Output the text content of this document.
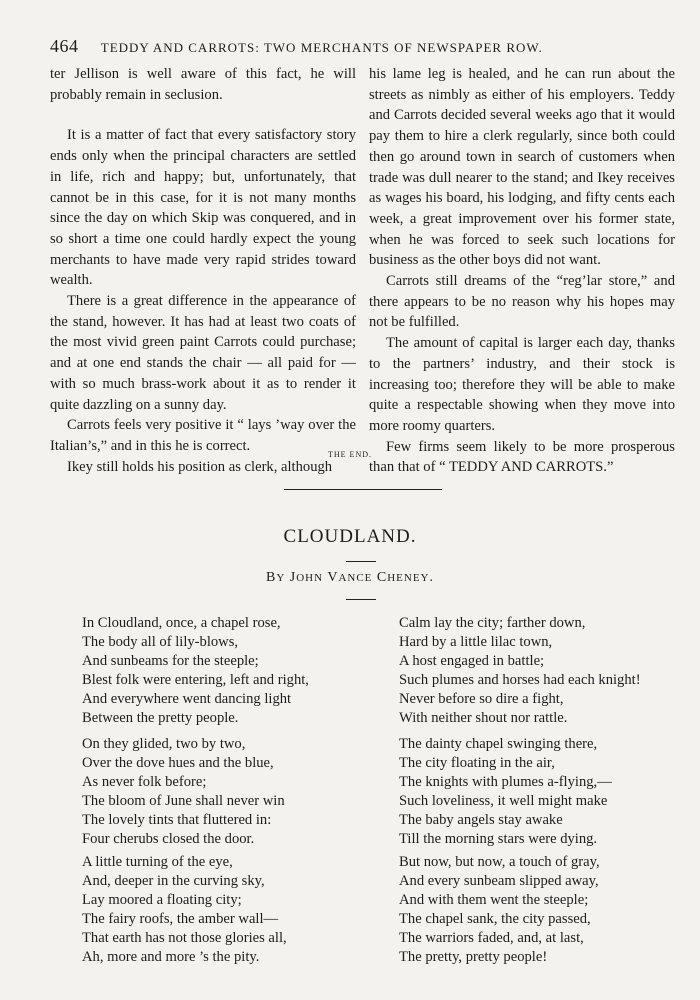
464 TEDDY AND CARROTS: TWO MERCHANTS OF NEWSPAPER ROW.

ter Jellison is well aware of this fact, he will probably remain in seclusion.

It is a matter of fact that every satisfactory story ends only when the principal characters are settled in life, rich and happy; but, unfortunately, that cannot be in this case, for it is not many months since the day on which Skip was conquered, and in so short a time one could hardly expect the young merchants to have made very rapid strides toward wealth.

There is a great difference in the appearance of the stand, however. It has had at least two coats of the most vivid green paint Carrots could purchase; and at one end stands the chair — all paid for — with so much brass-work about it as to render it quite dazzling on a sunny day.

Carrots feels very positive it “ lays ’way over the Italian’s,” and in this he is correct.

Ikey still holds his position as clerk, although

his lame leg is healed, and he can run about the streets as nimbly as either of his employers. Teddy and Carrots decided several weeks ago that it would pay them to hire a clerk regularly, since both could then go around town in search of customers when trade was dull nearer to the stand; and Ikey receives as wages his board, his lodging, and fifty cents each week, a great improvement over his former state, when he was forced to seek such locations for business as the other boys did not want.

Carrots still dreams of the “reg’lar store,” and there appears to be no reason why his hopes may not be fulfilled.

The amount of capital is larger each day, thanks to the partners’ industry, and their stock is increasing too; therefore they will be able to make quite a respectable showing when they move into more roomy quarters.

Few firms seem likely to be more prosperous than that of “ TEDDY AND CARROTS.”

THE END.
CLOUDLAND.
BY JOHN VANCE CHENEY.
In Cloudland, once, a chapel rose,
The body all of lily-blows,
And sunbeams for the steeple;
Blest folk were entering, left and right,
And everywhere went dancing light
Between the pretty people.
On they glided, two by two,
Over the dove hues and the blue,
As never folk before;
The bloom of June shall never win
The lovely tints that fluttered in:
Four cherubs closed the door.
A little turning of the eye,
And, deeper in the curving sky,
Lay moored a floating city;
The fairy roofs, the amber wall—
That earth has not those glories all,
Ah, more and more ’s the pity.
Calm lay the city; farther down,
Hard by a little lilac town,
A host engaged in battle;
Such plumes and horses had each knight!
Never before so dire a fight,
With neither shout nor rattle.
The dainty chapel swinging there,
The city floating in the air,
The knights with plumes a-flying,—
Such loveliness, it well might make
The baby angels stay awake
Till the morning stars were dying.
But now, but now, a touch of gray,
And every sunbeam slipped away,
And with them went the steeple;
The chapel sank, the city passed,
The warriors faded, and, at last,
The pretty, pretty people!
